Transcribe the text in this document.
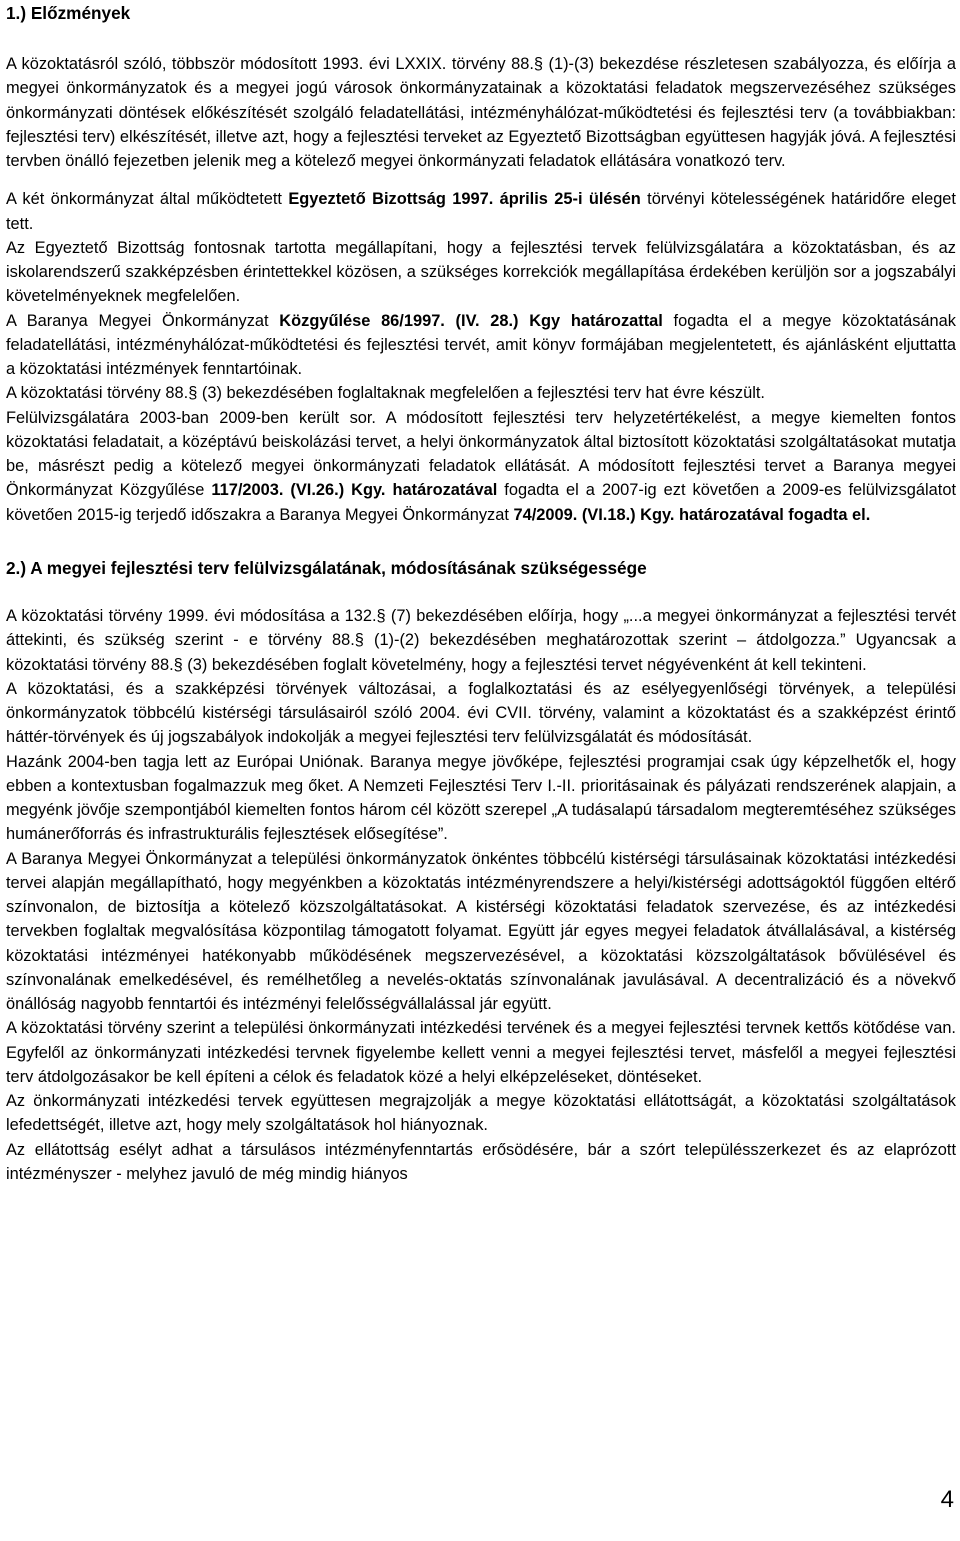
1.) Előzmények

A közoktatásról szóló, többször módosított 1993. évi LXXIX. törvény 88.§ (1)-(3) bekezdése részletesen szabályozza, és előírja a megyei önkormányzatok és a megyei jogú városok önkormányzatainak a közoktatási feladatok megszervezéséhez szükséges önkormányzati döntések előkészítését szolgáló feladatellátási, intézményhálózat-működtetési és fejlesztési terv (a továbbiakban: fejlesztési terv) elkészítését, illetve azt, hogy a fejlesztési terveket az Egyeztető Bizottságban együttesen hagyják jóvá. A fejlesztési tervben önálló fejezetben jelenik meg a kötelező megyei önkormányzati feladatok ellátására vonatkozó terv.

A két önkormányzat által működtetett Egyeztető Bizottság 1997. április 25-i ülésén törvényi kötelességének határidőre eleget tett.

Az Egyeztető Bizottság fontosnak tartotta megállapítani, hogy a fejlesztési tervek felülvizsgálatára a közoktatásban, és az iskolarendszerű szakképzésben érintettekkel közösen, a szükséges korrekciók megállapítása érdekében kerüljön sor a jogszabályi követelményeknek megfelelően.

A Baranya Megyei Önkormányzat Közgyűlése 86/1997. (IV. 28.) Kgy határozattal fogadta el a megye közoktatásának feladatellátási, intézményhálózat-működtetési és fejlesztési tervét, amit könyv formájában megjelentetett, és ajánlásként eljuttatta a közoktatási intézmények fenntartóinak.

A közoktatási törvény 88.§ (3) bekezdésében foglaltaknak megfelelően a fejlesztési terv hat évre készült.

Felülvizsgálatára 2003-ban 2009-ben került sor. A módosított fejlesztési terv helyzetértékelést, a megye kiemelten fontos közoktatási feladatait, a középtávú beiskolázási tervet, a helyi önkormányzatok által biztosított közoktatási szolgáltatásokat mutatja be, másrészt pedig a kötelező megyei önkormányzati feladatok ellátását. A módosított fejlesztési tervet a Baranya megyei Önkormányzat Közgyűlése 117/2003. (VI.26.) Kgy. határozatával fogadta el a 2007-ig ezt követően a 2009-es felülvizsgálatot követően 2015-ig terjedő időszakra a Baranya Megyei Önkormányzat 74/2009. (VI.18.) Kgy. határozatával fogadta el.

2.) A megyei fejlesztési terv felülvizsgálatának, módosításának szükségessége

A közoktatási törvény 1999. évi módosítása a 132.§ (7) bekezdésében előírja, hogy „...a megyei önkormányzat a fejlesztési tervét áttekinti, és szükség szerint - e törvény 88.§ (1)-(2) bekezdésében meghatározottak szerint – átdolgozza.” Ugyancsak a közoktatási törvény 88.§ (3) bekezdésében foglalt követelmény, hogy a fejlesztési tervet négyévenként át kell tekinteni.

A közoktatási, és a szakképzési törvények változásai, a foglalkoztatási és az esélyegyenlőségi törvények, a települési önkormányzatok többcélú kistérségi társulásairól szóló 2004. évi CVII. törvény, valamint a közoktatást és a szakképzést érintő háttér-törvények és új jogszabályok indokolják a megyei fejlesztési terv felülvizsgálatát és módosítását.

Hazánk 2004-ben tagja lett az Európai Uniónak. Baranya megye jövőképe, fejlesztési programjai csak úgy képzelhetők el, hogy ebben a kontextusban fogalmazzuk meg őket. A Nemzeti Fejlesztési Terv I.-II. prioritásainak és pályázati rendszerének alapjain, a megyénk jövője szempontjából kiemelten fontos három cél között szerepel „A tudásalapú társadalom megteremtéséhez szükséges humánerőforrás és infrastrukturális fejlesztések elősegítése”.

A Baranya Megyei Önkormányzat a települési önkormányzatok önkéntes többcélú kistérségi társulásainak közoktatási intézkedési tervei alapján megállapítható, hogy megyénkben a közoktatás intézményrendszere a helyi/kistérségi adottságoktól függően eltérő színvonalon, de biztosítja a kötelező közszolgáltatásokat. A kistérségi közoktatási feladatok szervezése, és az intézkedési tervekben foglaltak megvalósítása központilag támogatott folyamat. Együtt jár egyes megyei feladatok átvállalásával, a kistérség közoktatási intézményei hatékonyabb működésének megszervezésével, a közoktatási közszolgáltatások bővülésével és színvonalának emelkedésével, és remélhetőleg a nevelés-oktatás színvonalának javulásával. A decentralizáció és a növekvő önállóság nagyobb fenntartói és intézményi felelősségvállalással jár együtt.

A közoktatási törvény szerint a települési önkormányzati intézkedési tervének és a megyei fejlesztési tervnek kettős kötődése van. Egyfelől az önkormányzati intézkedési tervnek figyelembe kellett venni a megyei fejlesztési tervet, másfelől a megyei fejlesztési terv átdolgozásakor be kell építeni a célok és feladatok közé a helyi elképzeléseket, döntéseket.

Az önkormányzati intézkedési tervek együttesen megrajzolják a megye közoktatási ellátottságát, a közoktatási szolgáltatások lefedettségét, illetve azt, hogy mely szolgáltatások hol hiányoznak.

Az ellátottság esélyt adhat a társulásos intézményfenntartás erősödésére, bár a szórt településszerkezet és az elaprózott intézményszer - melyhez javuló de még mindig hiányos

4
